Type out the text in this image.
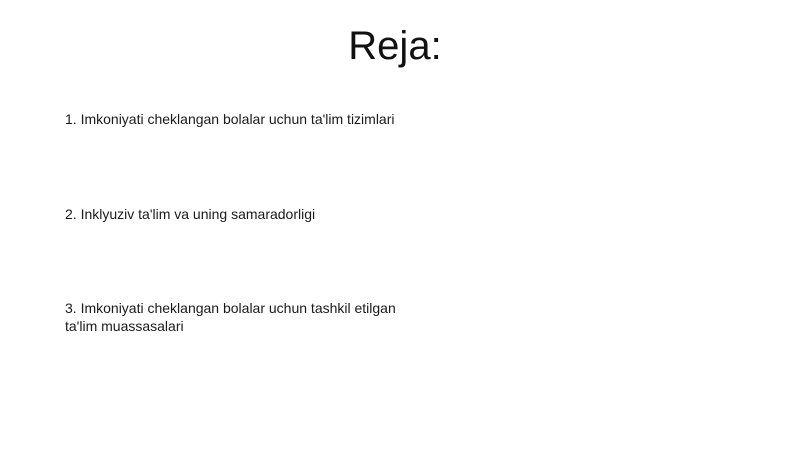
Reja:
1. Imkoniyati cheklangan bolalar uchun ta'lim tizimlari
2. Inklyuziv ta'lim va uning samaradorligi
3. Imkoniyati cheklangan bolalar uchun tashkil etilgan ta'lim muassasalari
